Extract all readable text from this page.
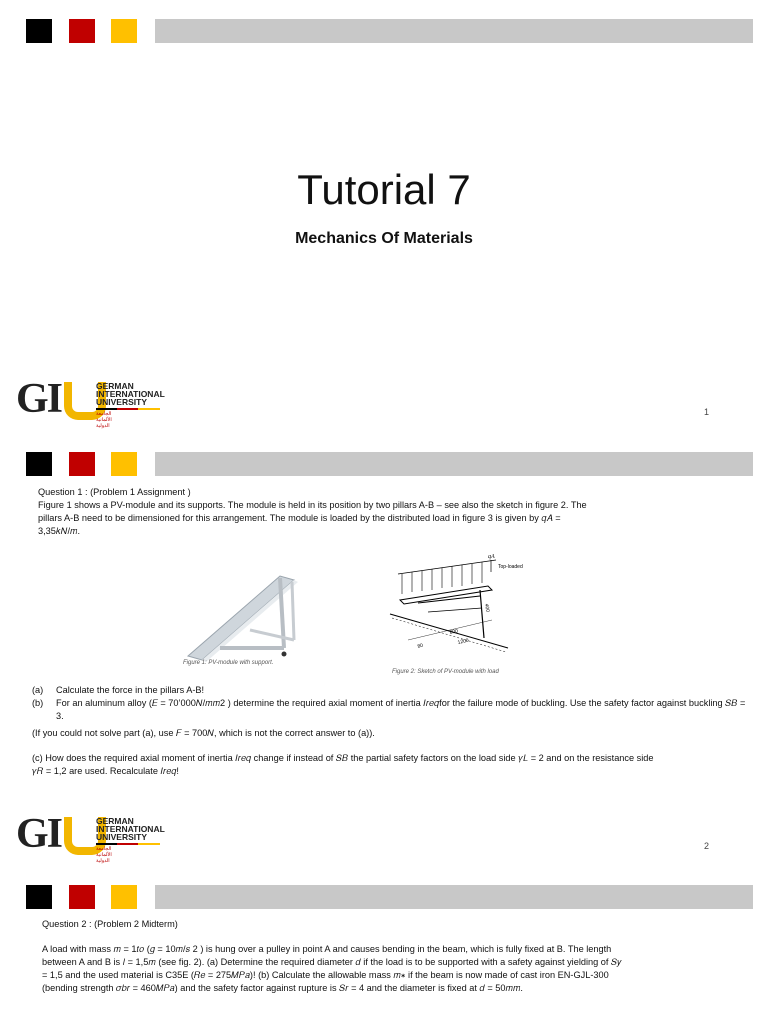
Tutorial 7
Mechanics Of Materials
GI	GERMAN
INTERNATIONAL
UNIVERSITY
الجامعة الألمانية الدولية
1

Question 1 : (Problem 1 Assignment )

Figure 1 shows a PV-module and its supports. The module is held in its position by two pillars A-B – see also the sketch in figure 2. The

pillars A-B need to be dimensioned for this arrangement. The module is loaded by the distributed load in figure 3 is given by 𝑞𝐴 =

3,35𝑘𝑁/𝑚.

Figure 1: PV-module with support.
qA
Top-loaded
800
1200
400
80
Figure 2: Sketch of PV-module with load
(a) Calculate the force in the pillars A-B!
(b) For an aluminum alloy (𝐸 = 70’000𝑁/𝑚𝑚2 ) determine the required axial moment of inertia 𝐼𝑟𝑒𝑞for the failure mode of buckling. Use the safety factor against buckling 𝑆𝐵 = 3.
(If you could not solve part (a), use 𝐹 = 700𝑁, which is not the correct answer to (a)).
(c) How does the required axial moment of inertia 𝐼𝑟𝑒𝑞 change if instead of 𝑆𝐵 the partial safety factors on the load side 𝛾𝐿 = 2 and on the resistance side
𝛾𝑅 = 1,2 are used. Recalculate 𝐼𝑟𝑒𝑞!
GI	GERMAN
INTERNATIONAL
UNIVERSITY
الجامعة الألمانية الدولية
2

Question 2 : (Problem 2 Midterm)

A load with mass 𝑚 = 1𝑡𝑜 (𝑔 = 10𝑚/𝑠 2 ) is hung over a pulley in point A and causes bending in the beam, which is fully fixed at B. The length

between A and B is 𝑙 = 1,5𝑚 (see fig. 2). (a) Determine the required diameter 𝑑 if the load is to be supported with a safety against yielding of 𝑆𝑦

= 1,5 and the used material is C35E (𝑅𝑒 = 275𝑀𝑃𝑎)! (b) Calculate the allowable mass 𝑚∗ if the beam is now made of cast iron EN-GJL-300

(bending strength 𝜎𝑏𝑟 = 460𝑀𝑃𝑎) and the safety factor against rupture is 𝑆𝑟 = 4 and the diameter is fixed at 𝑑 = 50𝑚𝑚.
